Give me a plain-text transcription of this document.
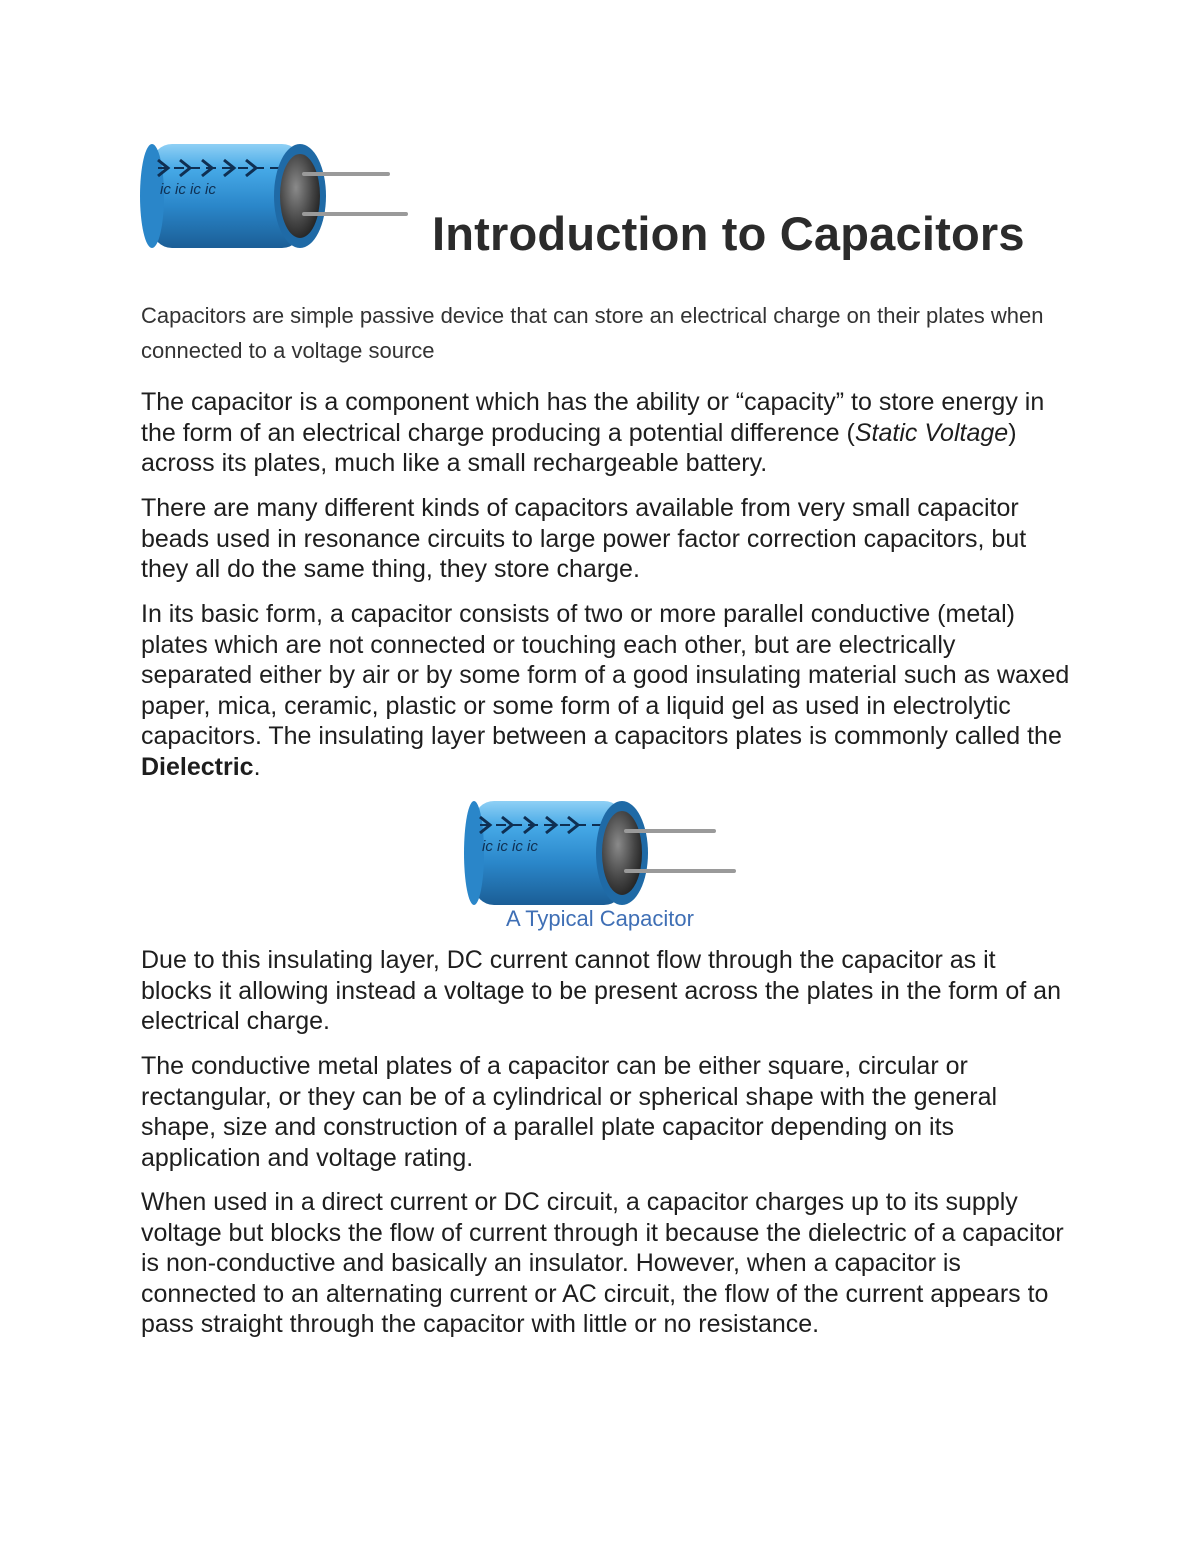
ic ic ic ic
Introduction to Capacitors

Capacitors are simple passive device that can store an electrical charge on their plates when connected to a voltage source

The capacitor is a component which has the ability or “capacity” to store energy in the form of an electrical charge producing a potential difference (Static Voltage) across its plates, much like a small rechargeable battery.

There are many different kinds of capacitors available from very small capacitor beads used in resonance circuits to large power factor correction capacitors, but they all do the same thing, they store charge.

In its basic form, a capacitor consists of two or more parallel conductive (metal) plates which are not connected or touching each other, but are electrically separated either by air or by some form of a good insulating material such as waxed paper, mica, ceramic, plastic or some form of a liquid gel as used in electrolytic capacitors. The insulating layer between a capacitors plates is commonly called the Dielectric.

ic ic ic ic

A Typical Capacitor

Due to this insulating layer, DC current cannot flow through the capacitor as it blocks it allowing instead a voltage to be present across the plates in the form of an electrical charge.

The conductive metal plates of a capacitor can be either square, circular or rectangular, or they can be of a cylindrical or spherical shape with the general shape, size and construction of a parallel plate capacitor depending on its application and voltage rating.

When used in a direct current or DC circuit, a capacitor charges up to its supply voltage but blocks the flow of current through it because the dielectric of a capacitor is non-conductive and basically an insulator. However, when a capacitor is connected to an alternating current or AC circuit, the flow of the current appears to pass straight through the capacitor with little or no resistance.
